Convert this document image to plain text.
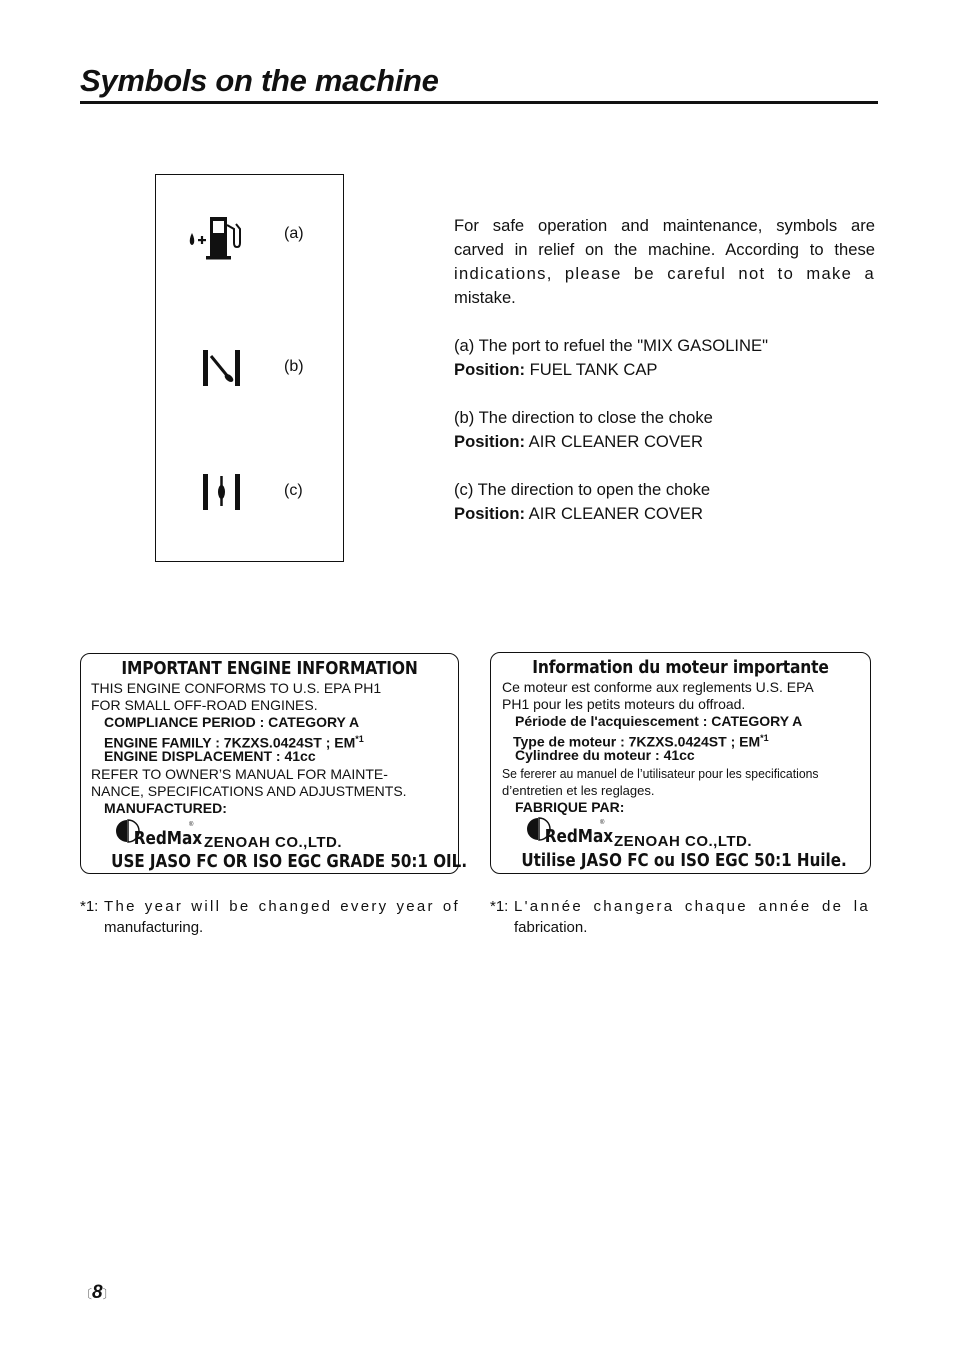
Symbols on the machine
(a)
(b)
(c)
For safe operation and maintenance, symbols are
carved in relief on the machine. According to these
indications, please be careful not to make a
mistake.
(a) The port to refuel the "MIX GASOLINE"
Position: FUEL TANK CAP
(b) The direction to close the choke
Position: AIR CLEANER COVER
(c) The direction to open the choke
Position: AIR CLEANER COVER
IMPORTANT ENGINE INFORMATION
THIS ENGINE CONFORMS TO U.S. EPA PH1
FOR SMALL OFF-ROAD ENGINES.
COMPLIANCE PERIOD : CATEGORY A
ENGINE FAMILY : 7KZXS.0424ST ; EM$^{*1}$
ENGINE DISPLACEMENT : 41cc
REFER TO OWNER’S MANUAL FOR MAINTE-
NANCE, SPECIFICATIONS AND ADJUSTMENTS.
MANUFACTURED:
RedMax
®
ZENOAH CO.,LTD.
USE JASO FC OR ISO EGC GRADE 50:1 OIL.
Information du moteur importante
Ce moteur est conforme aux reglements U.S. EPA
PH1 pour les petits moteurs du offroad.
Période de l'acquiescement : CATEGORY A
Type de moteur : 7KZXS.0424ST ; EM$^{*1}$
Cylindree du moteur : 41cc
Se fererer au manuel de l’utilisateur pour les specifications
d’entretien et les reglages.
FABRIQUE PAR:
RedMax
®
ZENOAH CO.,LTD.
Utilise JASO FC ou ISO EGC 50:1 Huile.
*1: The year will be changed every year of
manufacturing.
*1: L'année changera chaque année de la
fabrication.
〔8〕
